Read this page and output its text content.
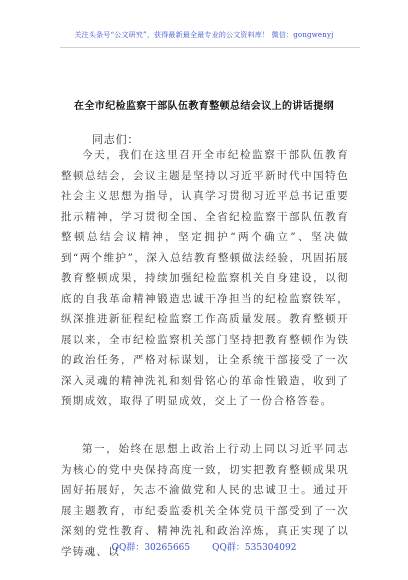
关注头条号“公文研究”，获得最新最全最专业的公文资料库！ 微信：gongwenyj
在全市纪检监察干部队伍教育整顿总结会议上的讲话提纲
同志们：

今天，我们在这里召开全市纪检监察干部队伍教育整顿总结会，会议主题是坚持以习近平新时代中国特色社会主义思想为指导，认真学习贯彻习近平总书记重要批示精神，学习贯彻全国、全省纪检监察干部队伍教育整顿总结会议精神，坚定拥护“两个确立”、坚决做到“两个维护”，深入总结教育整顿做法经验，巩固拓展教育整顿成果，持续加强纪检监察机关自身建设，以彻底的自我革命精神锻造忠诚干净担当的纪检监察铁军，纵深推进新征程纪检监察工作高质量发展。教育整顿开展以来，全市纪检监察机关部门坚持把教育整顿作为铁的政治任务，严格对标谋划，让全系统干部接受了一次深入灵魂的精神洗礼和刻骨铭心的革命性锻造，收到了预期成效，取得了明显成效，交上了一份合格答卷。

第一，始终在思想上政治上行动上同以习近平同志为核心的党中央保持高度一致，切实把教育整顿成果巩固好拓展好，矢志不渝做党和人民的忠诚卫士。通过开展主题教育，市纪委监委机关全体党员干部受到了一次深刻的党性教育、精神洗礼和政治淬炼，真正实现了以学铸魂、以

QQ群：30265665 QQ群：535304092
